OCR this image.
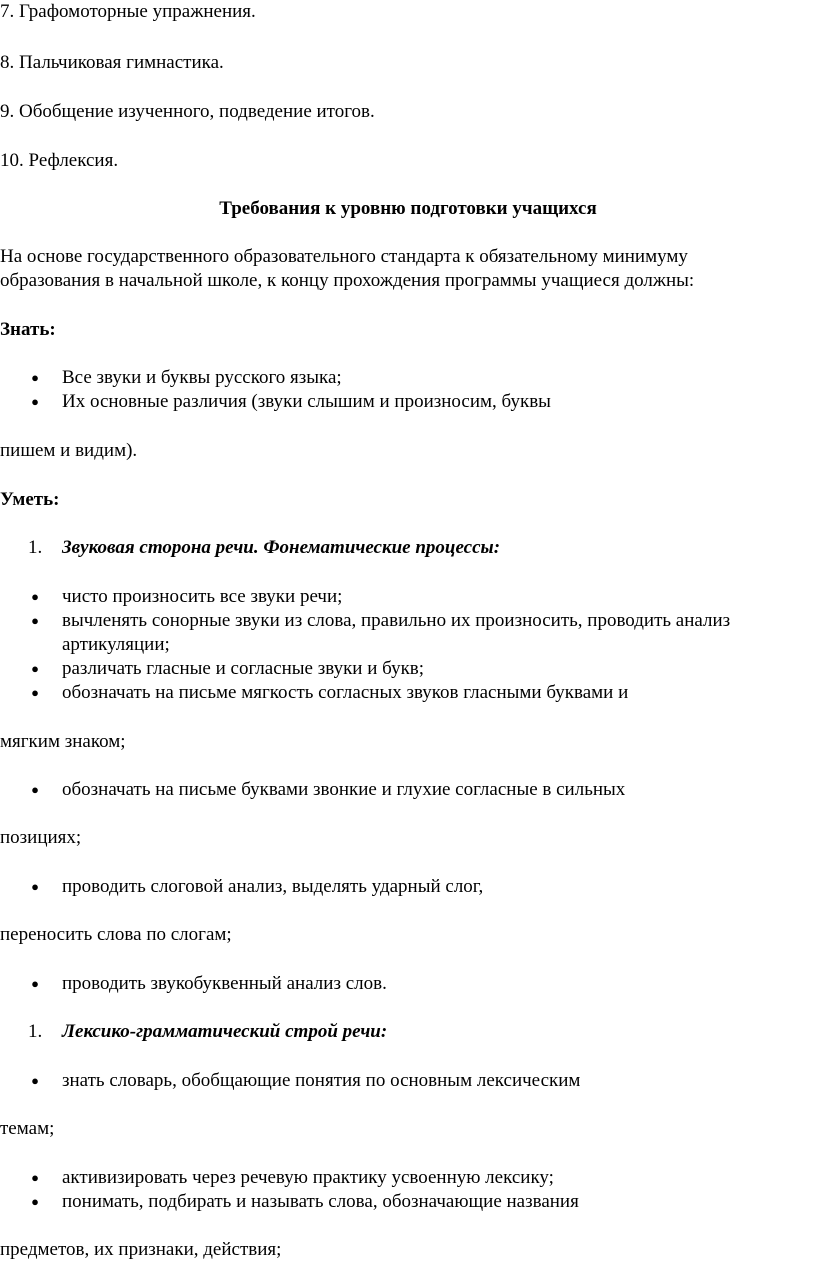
7. Графомоторные упражнения.
8. Пальчиковая гимнастика.
9. Обобщение изученного, подведение итогов.
10. Рефлексия.
Требования к уровню подготовки учащихся
На основе государственного образовательного стандарта к обязательному минимуму
образования в начальной школе, к концу прохождения программы учащиеся должны:
Знать:
● Все звуки и буквы русского языка;
● Их основные различия (звуки слышим и произносим, буквы
пишем и видим).
Уметь:
1. Звуковая сторона речи. Фонематические процессы:
● чисто произносить все звуки речи;
● вычленять сонорные звуки из слова, правильно их произносить, проводить анализ
артикуляции;
● различать гласные и согласные звуки и букв;
● обозначать на письме мягкость согласных звуков гласными буквами и
мягким знаком;
● обозначать на письме буквами звонкие и глухие согласные в сильных
позициях;
● проводить слоговой анализ, выделять ударный слог,
переносить слова по слогам;
● проводить звукобуквенный анализ слов.
1. Лексико-грамматический строй речи:
● знать словарь, обобщающие понятия по основным лексическим
темам;
● активизировать через речевую практику усвоенную лексику;
● понимать, подбирать и называть слова, обозначающие названия
предметов, их признаки, действия;
